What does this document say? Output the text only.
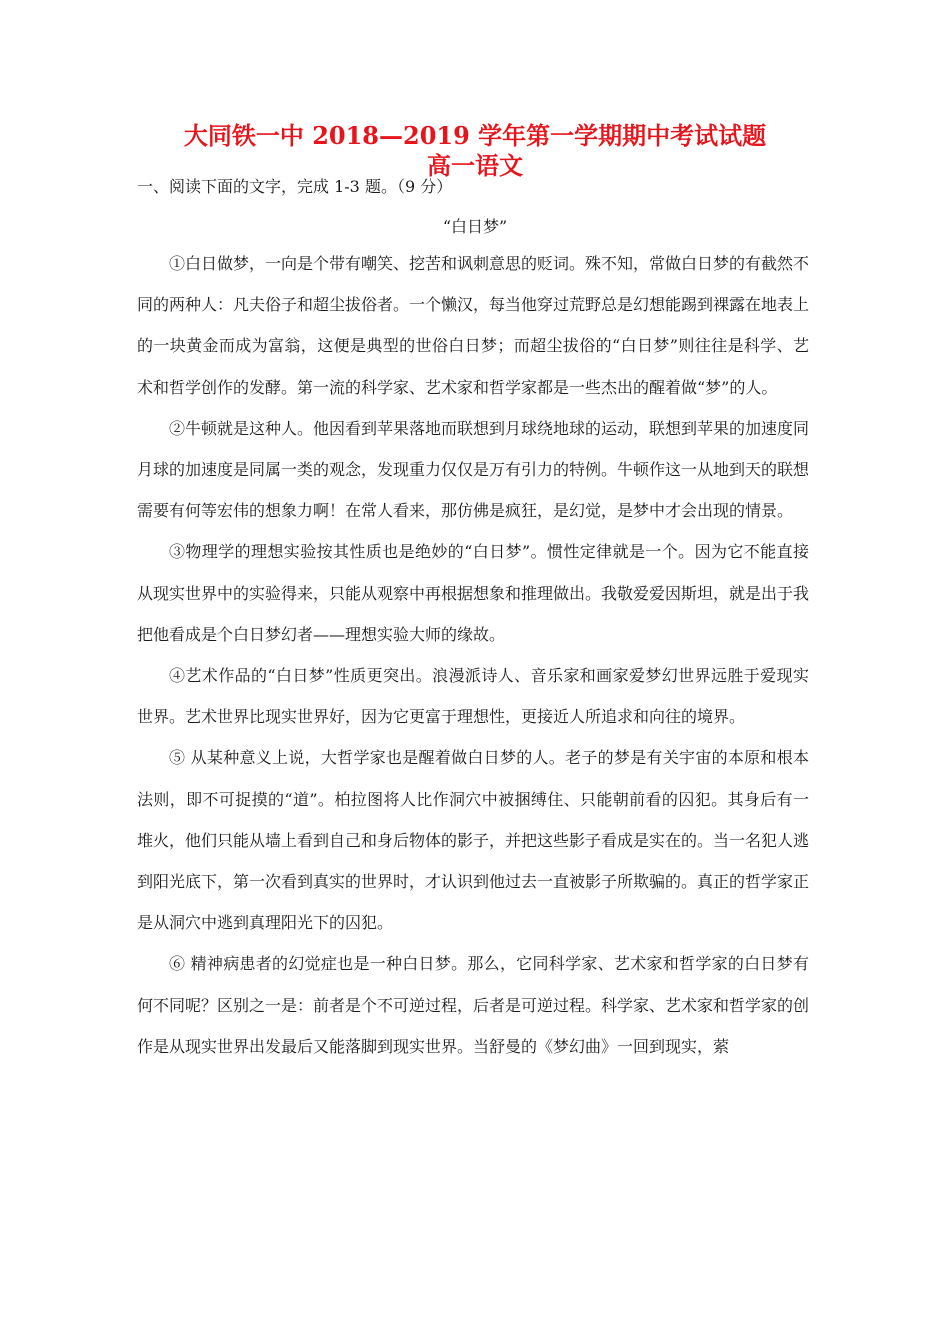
大同铁一中 2018—2019 学年第一学期期中考试试题
高一语文
一、阅读下面的文字，完成 1-3 题。（9 分）
“白日梦”

①白日做梦，一向是个带有嘲笑、挖苦和讽刺意思的贬词。殊不知，常做白日梦的有截然不同的两种人：凡夫俗子和超尘拔俗者。一个懒汉，每当他穿过荒野总是幻想能踢到裸露在地表上的一块黄金而成为富翁，这便是典型的世俗白日梦；而超尘拔俗的“白日梦”则往往是科学、艺术和哲学创作的发酵。第一流的科学家、艺术家和哲学家都是一些杰出的醒着做“梦”的人。

②牛顿就是这种人。他因看到苹果落地而联想到月球绕地球的运动，联想到苹果的加速度同月球的加速度是同属一类的观念，发现重力仅仅是万有引力的特例。牛顿作这一从地到天的联想需要有何等宏伟的想象力啊！在常人看来，那仿佛是疯狂，是幻觉，是梦中才会出现的情景。

③物理学的理想实验按其性质也是绝妙的“白日梦”。惯性定律就是一个。因为它不能直接从现实世界中的实验得来，只能从观察中再根据想象和推理做出。我敬爱爱因斯坦，就是出于我把他看成是个白日梦幻者——理想实验大师的缘故。

④艺术作品的“白日梦”性质更突出。浪漫派诗人、音乐家和画家爱梦幻世界远胜于爱现实世界。艺术世界比现实世界好，因为它更富于理想性，更接近人所追求和向往的境界。

⑤ 从某种意义上说，大哲学家也是醒着做白日梦的人。老子的梦是有关宇宙的本原和根本法则，即不可捉摸的“道”。柏拉图将人比作洞穴中被捆缚住、只能朝前看的囚犯。其身后有一堆火，他们只能从墙上看到自己和身后物体的影子，并把这些影子看成是实在的。当一名犯人逃到阳光底下，第一次看到真实的世界时，才认识到他过去一直被影子所欺骗的。真正的哲学家正是从洞穴中逃到真理阳光下的囚犯。

⑥ 精神病患者的幻觉症也是一种白日梦。那么，它同科学家、艺术家和哲学家的白日梦有何不同呢？区别之一是：前者是个不可逆过程，后者是可逆过程。科学家、艺术家和哲学家的创作是从现实世界出发最后又能落脚到现实世界。当舒曼的《梦幻曲》一回到现实，萦
